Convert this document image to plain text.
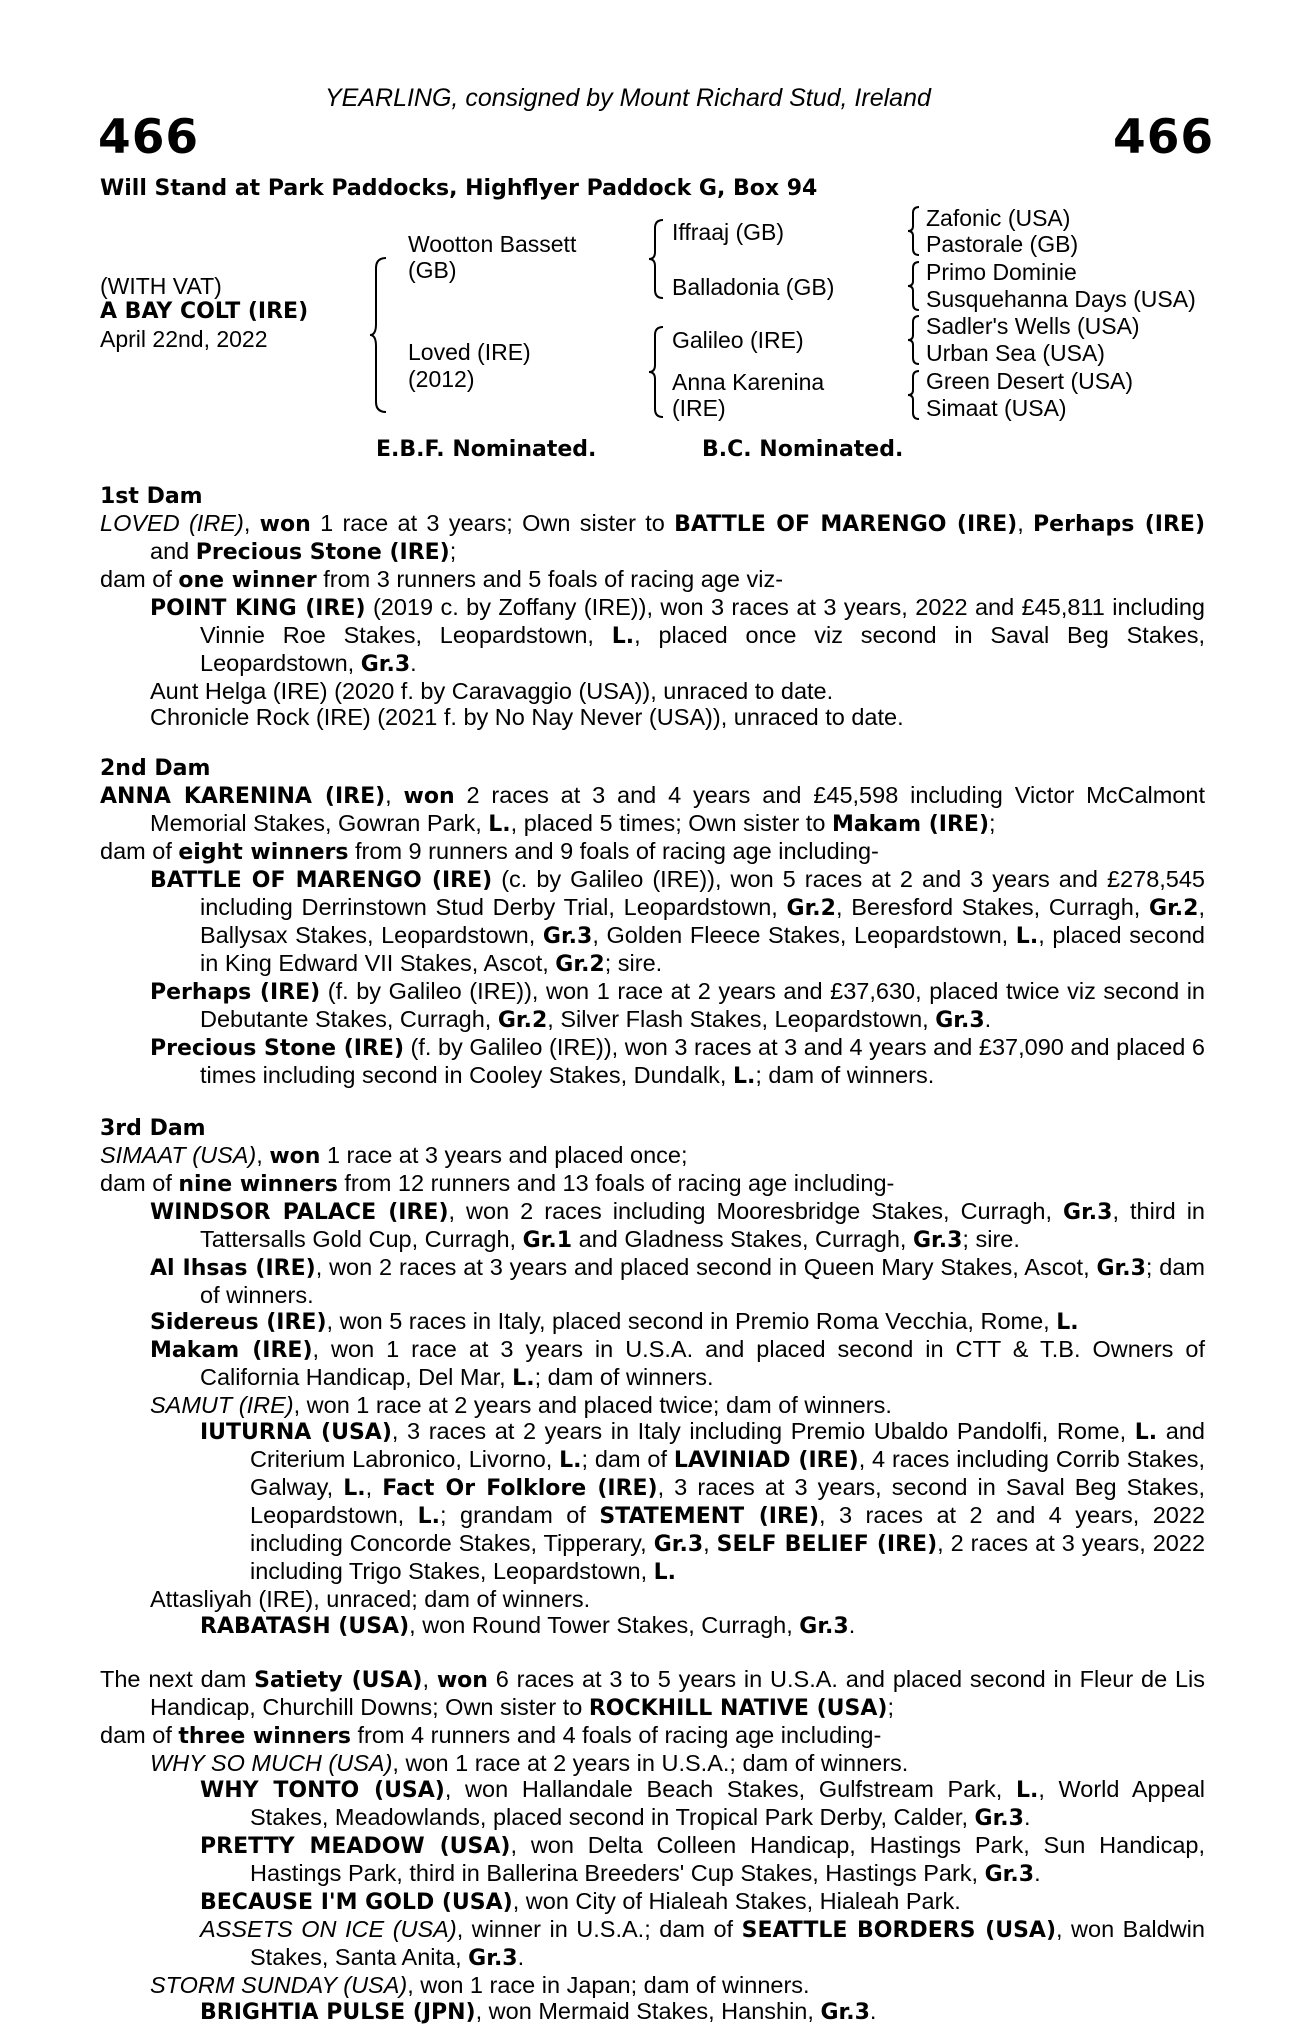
YEARLING, consigned by Mount Richard Stud, Ireland
466	466
Will Stand at Park Paddocks, Highflyer Paddock G, Box 94
(WITH VAT)
A BAY COLT (IRE)
April 22nd, 2022
Wootton Bassett
(GB)
Loved (IRE)
(2012)
Iffraaj (GB)
Balladonia (GB)
Galileo (IRE)
Anna Karenina
(IRE)
Zafonic (USA)
Pastorale (GB)
Primo Dominie
Susquehanna Days (USA)
Sadler's Wells (USA)
Urban Sea (USA)
Green Desert (USA)
Simaat (USA)
E.B.F. Nominated.	B.C. Nominated.
1st Dam
LOVED (IRE), won 1 race at 3 years; Own sister to BATTLE OF MARENGO (IRE), Perhaps (IRE) and Precious Stone (IRE);
dam of one winner from 3 runners and 5 foals of racing age viz-
POINT KING (IRE) (2019 c. by Zoffany (IRE)), won 3 races at 3 years, 2022 and £45,811 including Vinnie Roe Stakes, Leopardstown, L., placed once viz second in Saval Beg Stakes, Leopardstown, Gr.3.
Aunt Helga (IRE) (2020 f. by Caravaggio (USA)), unraced to date.
Chronicle Rock (IRE) (2021 f. by No Nay Never (USA)), unraced to date.
2nd Dam
ANNA KARENINA (IRE), won 2 races at 3 and 4 years and £45,598 including Victor McCalmont Memorial Stakes, Gowran Park, L., placed 5 times; Own sister to Makam (IRE);
dam of eight winners from 9 runners and 9 foals of racing age including-
BATTLE OF MARENGO (IRE) (c. by Galileo (IRE)), won 5 races at 2 and 3 years and £278,545 including Derrinstown Stud Derby Trial, Leopardstown, Gr.2, Beresford Stakes, Curragh, Gr.2, Ballysax Stakes, Leopardstown, Gr.3, Golden Fleece Stakes, Leopardstown, L., placed second in King Edward VII Stakes, Ascot, Gr.2; sire.
Perhaps (IRE) (f. by Galileo (IRE)), won 1 race at 2 years and £37,630, placed twice viz second in Debutante Stakes, Curragh, Gr.2, Silver Flash Stakes, Leopardstown, Gr.3.
Precious Stone (IRE) (f. by Galileo (IRE)), won 3 races at 3 and 4 years and £37,090 and placed 6 times including second in Cooley Stakes, Dundalk, L.; dam of winners.
3rd Dam
SIMAAT (USA), won 1 race at 3 years and placed once;
dam of nine winners from 12 runners and 13 foals of racing age including-
WINDSOR PALACE (IRE), won 2 races including Mooresbridge Stakes, Curragh, Gr.3, third in Tattersalls Gold Cup, Curragh, Gr.1 and Gladness Stakes, Curragh, Gr.3; sire.
Al Ihsas (IRE), won 2 races at 3 years and placed second in Queen Mary Stakes, Ascot, Gr.3; dam of winners.
Sidereus (IRE), won 5 races in Italy, placed second in Premio Roma Vecchia, Rome, L.
Makam (IRE), won 1 race at 3 years in U.S.A. and placed second in CTT & T.B. Owners of California Handicap, Del Mar, L.; dam of winners.
SAMUT (IRE), won 1 race at 2 years and placed twice; dam of winners.
IUTURNA (USA), 3 races at 2 years in Italy including Premio Ubaldo Pandolfi, Rome, L. and Criterium Labronico, Livorno, L.; dam of LAVINIAD (IRE), 4 races including Corrib Stakes, Galway, L., Fact Or Folklore (IRE), 3 races at 3 years, second in Saval Beg Stakes, Leopardstown, L.; grandam of STATEMENT (IRE), 3 races at 2 and 4 years, 2022 including Concorde Stakes, Tipperary, Gr.3, SELF BELIEF (IRE), 2 races at 3 years, 2022 including Trigo Stakes, Leopardstown, L.
Attasliyah (IRE), unraced; dam of winners.
RABATASH (USA), won Round Tower Stakes, Curragh, Gr.3.
The next dam Satiety (USA), won 6 races at 3 to 5 years in U.S.A. and placed second in Fleur de Lis Handicap, Churchill Downs; Own sister to ROCKHILL NATIVE (USA);
dam of three winners from 4 runners and 4 foals of racing age including-
WHY SO MUCH (USA), won 1 race at 2 years in U.S.A.; dam of winners.
WHY TONTO (USA), won Hallandale Beach Stakes, Gulfstream Park, L., World Appeal Stakes, Meadowlands, placed second in Tropical Park Derby, Calder, Gr.3.
PRETTY MEADOW (USA), won Delta Colleen Handicap, Hastings Park, Sun Handicap, Hastings Park, third in Ballerina Breeders' Cup Stakes, Hastings Park, Gr.3.
BECAUSE I'M GOLD (USA), won City of Hialeah Stakes, Hialeah Park.
ASSETS ON ICE (USA), winner in U.S.A.; dam of SEATTLE BORDERS (USA), won Baldwin Stakes, Santa Anita, Gr.3.
STORM SUNDAY (USA), won 1 race in Japan; dam of winners.
BRIGHTIA PULSE (JPN), won Mermaid Stakes, Hanshin, Gr.3.
